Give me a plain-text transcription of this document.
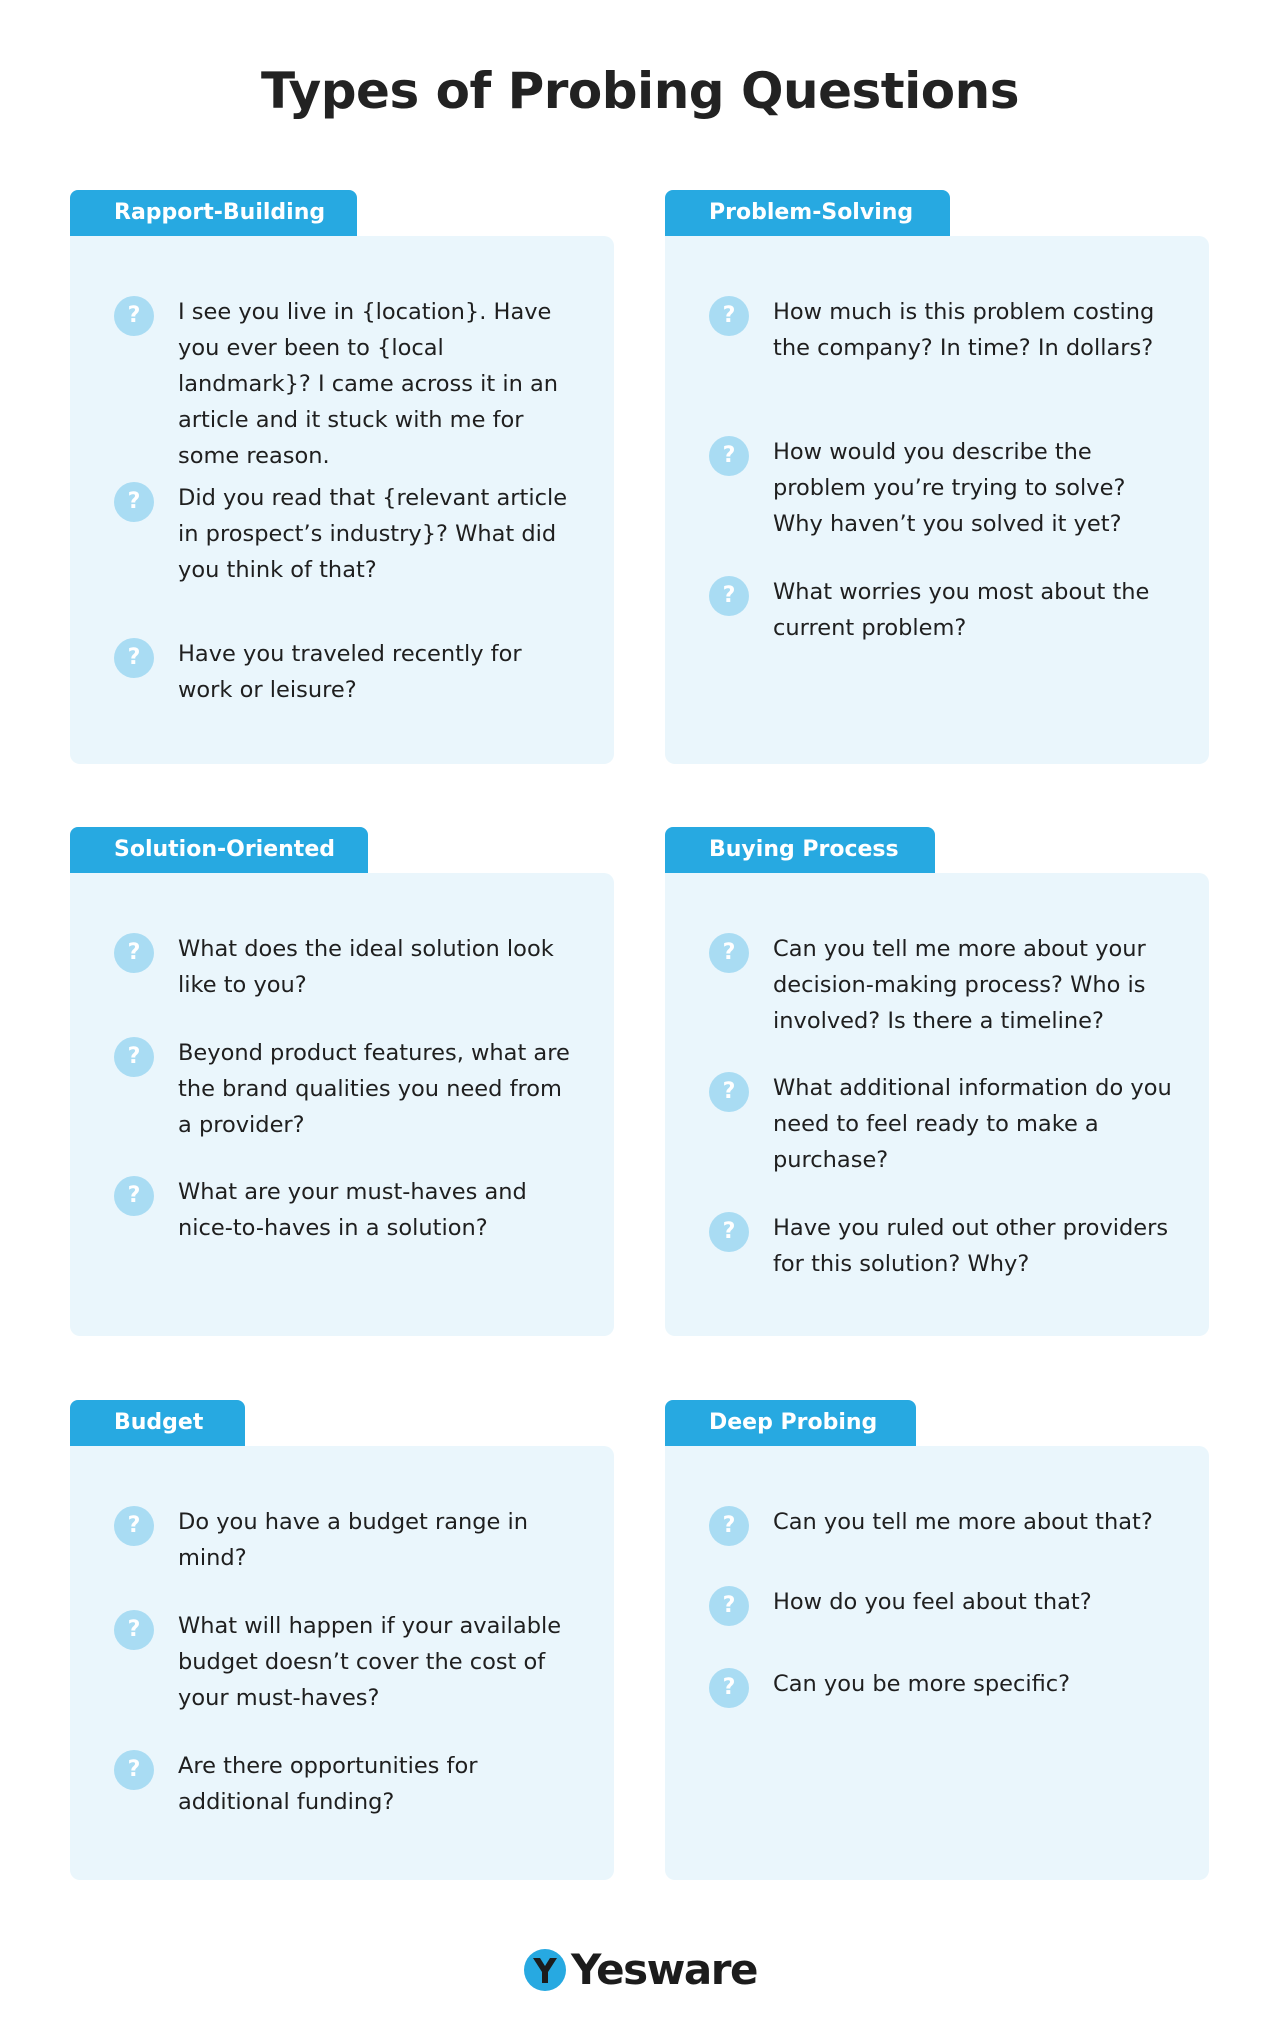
Types of Probing Questions
Rapport-Building
?	I see you live in {location}. Have you ever been to {local landmark}? I came across it in an article and it stuck with me for some reason.
?	Did you read that {relevant article in prospect’s industry}? What did you think of that?
?	Have you traveled recently for work or leisure?
Problem-Solving
?	How much is this problem costing the company? In time? In dollars?
?	How would you describe the problem you’re trying to solve? Why haven’t you solved it yet?
?	What worries you most about the current problem?
Solution-Oriented
?	What does the ideal solution look like to you?
?	Beyond product features, what are the brand qualities you need from a provider?
?	What are your must-haves and nice-to-haves in a solution?
Buying Process
?	Can you tell me more about your decision-making process? Who is involved? Is there a timeline?
?	What additional information do you need to feel ready to make a purchase?
?	Have you ruled out other providers for this solution? Why?
Budget
?	Do you have a budget range in mind?
?	What will happen if your available budget doesn’t cover the cost of your must-haves?
?	Are there opportunities for additional funding?
Deep Probing
?	Can you tell me more about that?
?	How do you feel about that?
?	Can you be more specific?
Yesware
